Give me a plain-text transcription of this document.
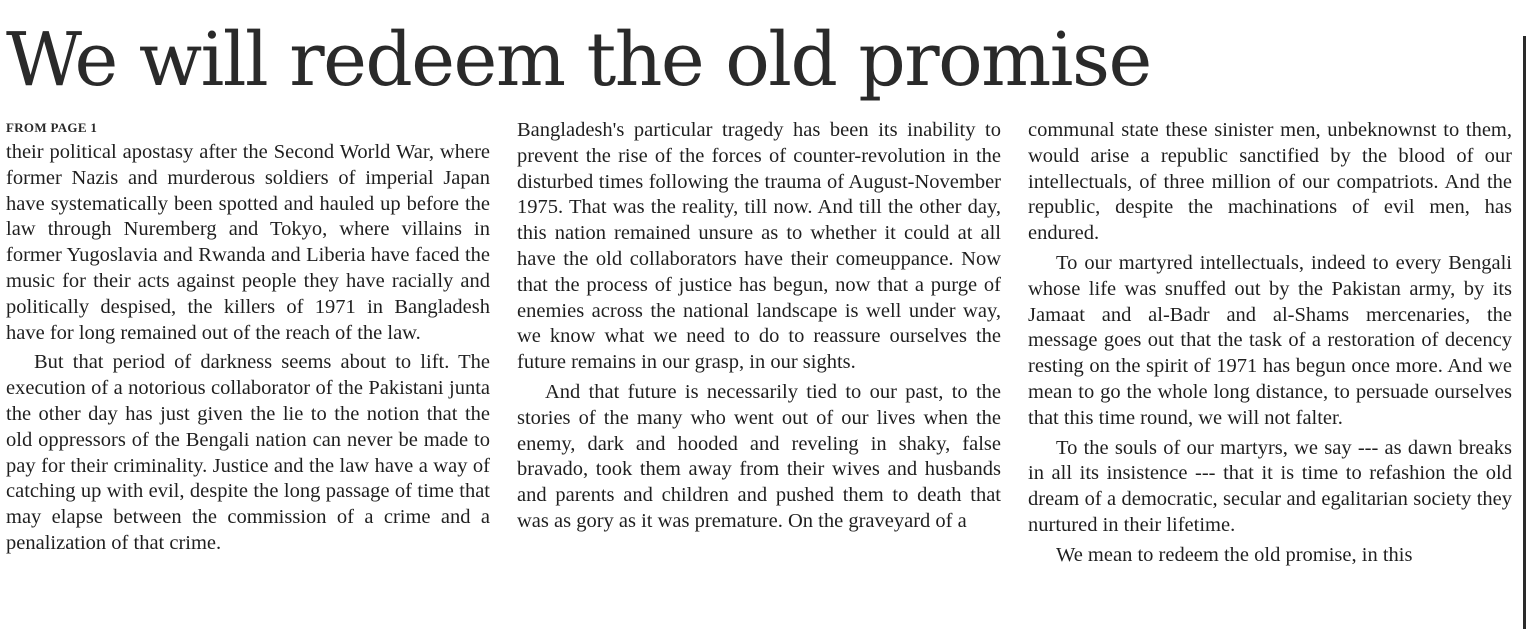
We will redeem the old promise
FROM PAGE 1

their political apostasy after the Second World War, where former Nazis and murderous soldiers of imperial Japan have systematically been spotted and hauled up before the law through Nuremberg and Tokyo, where villains in former Yugoslavia and Rwanda and Liberia have faced the music for their acts against people they have racially and politically despised, the killers of 1971 in Bangladesh have for long remained out of the reach of the law.

But that period of darkness seems about to lift. The execution of a notorious collaborator of the Pakistani junta the other day has just given the lie to the notion that the old oppressors of the Bengali nation can never be made to pay for their criminality. Justice and the law have a way of catching up with evil, despite the long passage of time that may elapse between the commission of a crime and a penalization of that crime.

Bangladesh's particular tragedy has been its inability to prevent the rise of the forces of counter-revolution in the disturbed times following the trauma of August-November 1975. That was the reality, till now. And till the other day, this nation remained unsure as to whether it could at all have the old collaborators have their comeuppance. Now that the process of justice has begun, now that a purge of enemies across the national landscape is well under way, we know what we need to do to reassure ourselves the future remains in our grasp, in our sights.

And that future is necessarily tied to our past, to the stories of the many who went out of our lives when the enemy, dark and hooded and reveling in shaky, false bravado, took them away from their wives and husbands and parents and children and pushed them to death that was as gory as it was premature. On the graveyard of a

communal state these sinister men, unbeknownst to them, would arise a republic sanctified by the blood of our intellectuals, of three million of our compatriots. And the republic, despite the machinations of evil men, has endured.

To our martyred intellectuals, indeed to every Bengali whose life was snuffed out by the Pakistan army, by its Jamaat and al-Badr and al-Shams mercenaries, the message goes out that the task of a restoration of decency resting on the spirit of 1971 has begun once more. And we mean to go the whole long distance, to persuade ourselves that this time round, we will not falter.

To the souls of our martyrs, we say --- as dawn breaks in all its insistence --- that it is time to refashion the old dream of a democratic, secular and egalitarian society they nurtured in their lifetime.

We mean to redeem the old promise, in this
